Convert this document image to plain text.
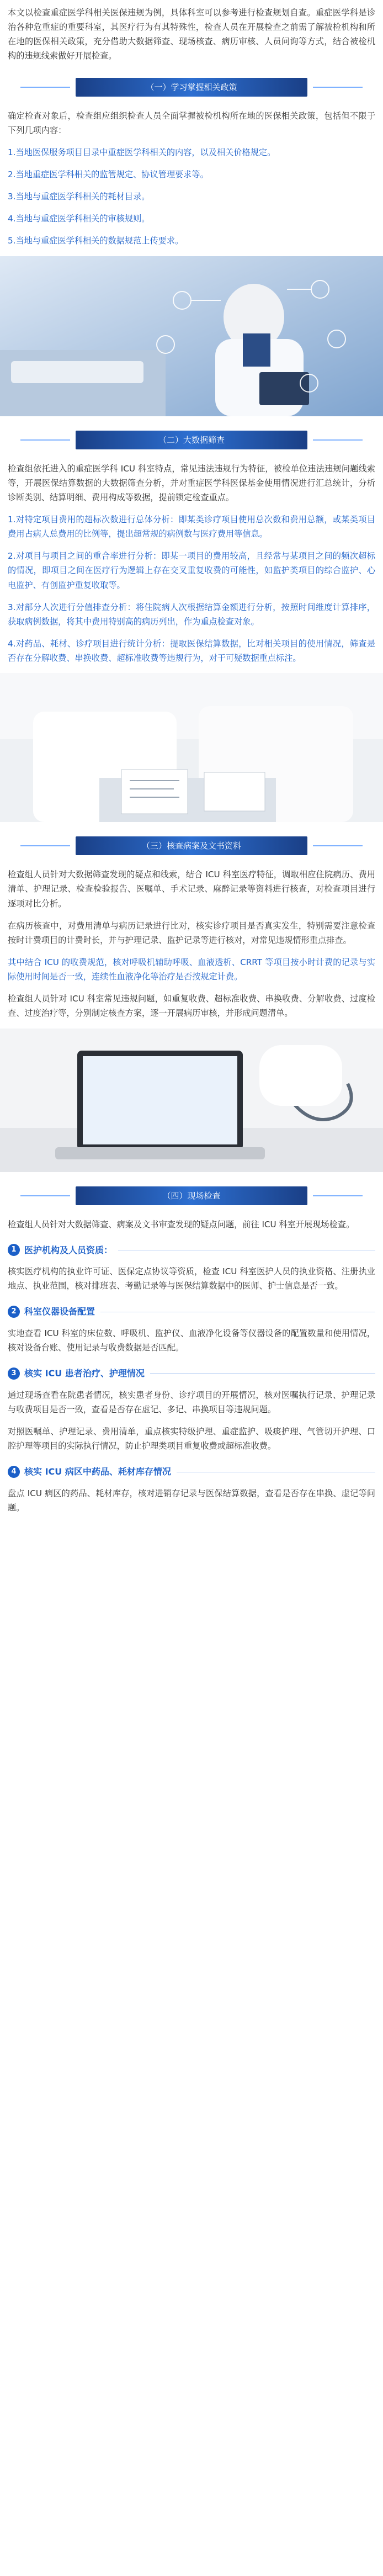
本文以检查重症医学科相关医保违规为例，具体科室可以参考进行检查规划自查。重症医学科是诊治各种危重症的重要科室，其医疗行为有其特殊性，检查人员在开展检查之前需了解被检机构和所在地的医保相关政策，充分借助大数据筛查、现场核查、病历审核、人员问询等方式，结合被检机构的违规线索做好开展检查。

（一）学习掌握相关政策

确定检查对象后，检查组应组织检查人员全面掌握被检机构所在地的医保相关政策，包括但不限于下列几项内容：

1.当地医保服务项目目录中重症医学科相关的内容，以及相关价格规定。

2.当地重症医学科相关的监管规定、协议管理要求等。

3.当地与重症医学科相关的耗材目录。

4.当地与重症医学科相关的审核规则。

5.当地与重症医学科相关的数据规范上传要求。

（二）大数据筛查

检查组依托进入的重症医学科 ICU 科室特点，常见违法违规行为特征，被检单位违法违规问题线索等，开展医保结算数据的大数据筛查分析，并对重症医学科医保基金使用情况进行汇总统计，分析诊断类别、结算明细、费用构成等数据，提前锁定检查重点。

1.对特定项目费用的超标次数进行总体分析：即某类诊疗项目使用总次数和费用总额，或某类项目费用占病人总费用的比例等，提出超常规的病例数与医疗费用等信息。

2.对项目与项目之间的重合率进行分析：即某一项目的费用较高，且经常与某项目之间的频次超标的情况，即项目之间在医疗行为逻辑上存在交叉重复收费的可能性，如监护类项目的综合监护、心电监护、有创监护重复收取等。

3.对部分人次进行分值排查分析：将住院病人次根据结算金额进行分析，按照时间维度计算排序，获取病例数据，将其中费用特别高的病历列出，作为重点检查对象。

4.对药品、耗材、诊疗项目进行统计分析：提取医保结算数据，比对相关项目的使用情况，筛查是否存在分解收费、串换收费、超标准收费等违规行为，对于可疑数据重点标注。

（三）核查病案及文书资料

检查组人员针对大数据筛查发现的疑点和线索，结合 ICU 科室医疗特征，调取相应住院病历、费用清单、护理记录、检查检验报告、医嘱单、手术记录、麻醉记录等资料进行核查，对检查项目进行逐项对比分析。

在病历核查中，对费用清单与病历记录进行比对，核实诊疗项目是否真实发生，特别需要注意检查按时计费项目的计费时长，并与护理记录、监护记录等进行核对，对常见违规情形重点排查。

其中结合 ICU 的收费规范，核对呼吸机辅助呼吸、血液透析、CRRT 等项目按小时计费的记录与实际使用时间是否一致，连续性血液净化等治疗是否按规定计费。

检查组人员针对 ICU 科室常见违规问题，如重复收费、超标准收费、串换收费、分解收费、过度检查、过度治疗等，分别制定核查方案，逐一开展病历审核，并形成问题清单。

（四）现场检查

检查组人员针对大数据筛查、病案及文书审查发现的疑点问题，前往 ICU 科室开展现场检查。

1 医护机构及人员资质：

核实医疗机构的执业许可证、医保定点协议等资质，检查 ICU 科室医护人员的执业资格、注册执业地点、执业范围，核对排班表、考勤记录等与医保结算数据中的医师、护士信息是否一致。

2 科室仪器设备配置

实地查看 ICU 科室的床位数、呼吸机、监护仪、血液净化设备等仪器设备的配置数量和使用情况，核对设备台账、使用记录与收费数据是否匹配。

3 核实 ICU 患者治疗、护理情况

通过现场查看在院患者情况，核实患者身份、诊疗项目的开展情况，核对医嘱执行记录、护理记录与收费项目是否一致，查看是否存在虚记、多记、串换项目等违规问题。

对照医嘱单、护理记录、费用清单，重点核实特级护理、重症监护、吸痰护理、气管切开护理、口腔护理等项目的实际执行情况，防止护理类项目重复收费或超标准收费。

4 核实 ICU 病区中药品、耗材库存情况

盘点 ICU 病区的药品、耗材库存，核对进销存记录与医保结算数据，查看是否存在串换、虚记等问题。
